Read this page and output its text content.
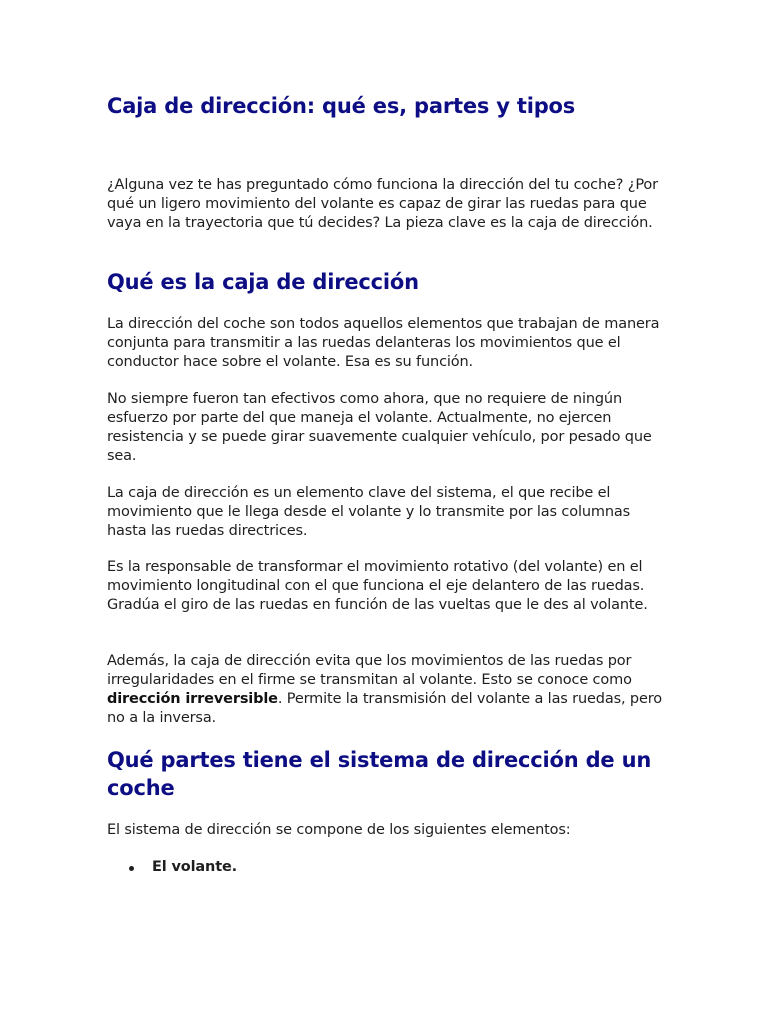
Caja de dirección: qué es, partes y tipos

¿Alguna vez te has preguntado cómo funciona la dirección del tu coche? ¿Por qué un ligero movimiento del volante es capaz de girar las ruedas para que vaya en la trayectoria que tú decides? La pieza clave es la caja de dirección.

Qué es la caja de dirección

La dirección del coche son todos aquellos elementos que trabajan de manera conjunta para transmitir a las ruedas delanteras los movimientos que el conductor hace sobre el volante. Esa es su función.

No siempre fueron tan efectivos como ahora, que no requiere de ningún esfuerzo por parte del que maneja el volante. Actualmente, no ejercen resistencia y se puede girar suavemente cualquier vehículo, por pesado que sea.

La caja de dirección es un elemento clave del sistema, el que recibe el movimiento que le llega desde el volante y lo transmite por las columnas hasta las ruedas directrices.

Es la responsable de transformar el movimiento rotativo (del volante) en el movimiento longitudinal con el que funciona el eje delantero de las ruedas. Gradúa el giro de las ruedas en función de las vueltas que le des al volante.

Además, la caja de dirección evita que los movimientos de las ruedas por irregularidades en el firme se transmitan al volante. Esto se conoce como dirección irreversible. Permite la transmisión del volante a las ruedas, pero no a la inversa.

Qué partes tiene el sistema de dirección de un coche

El sistema de dirección se compone de los siguientes elementos:

El volante.
